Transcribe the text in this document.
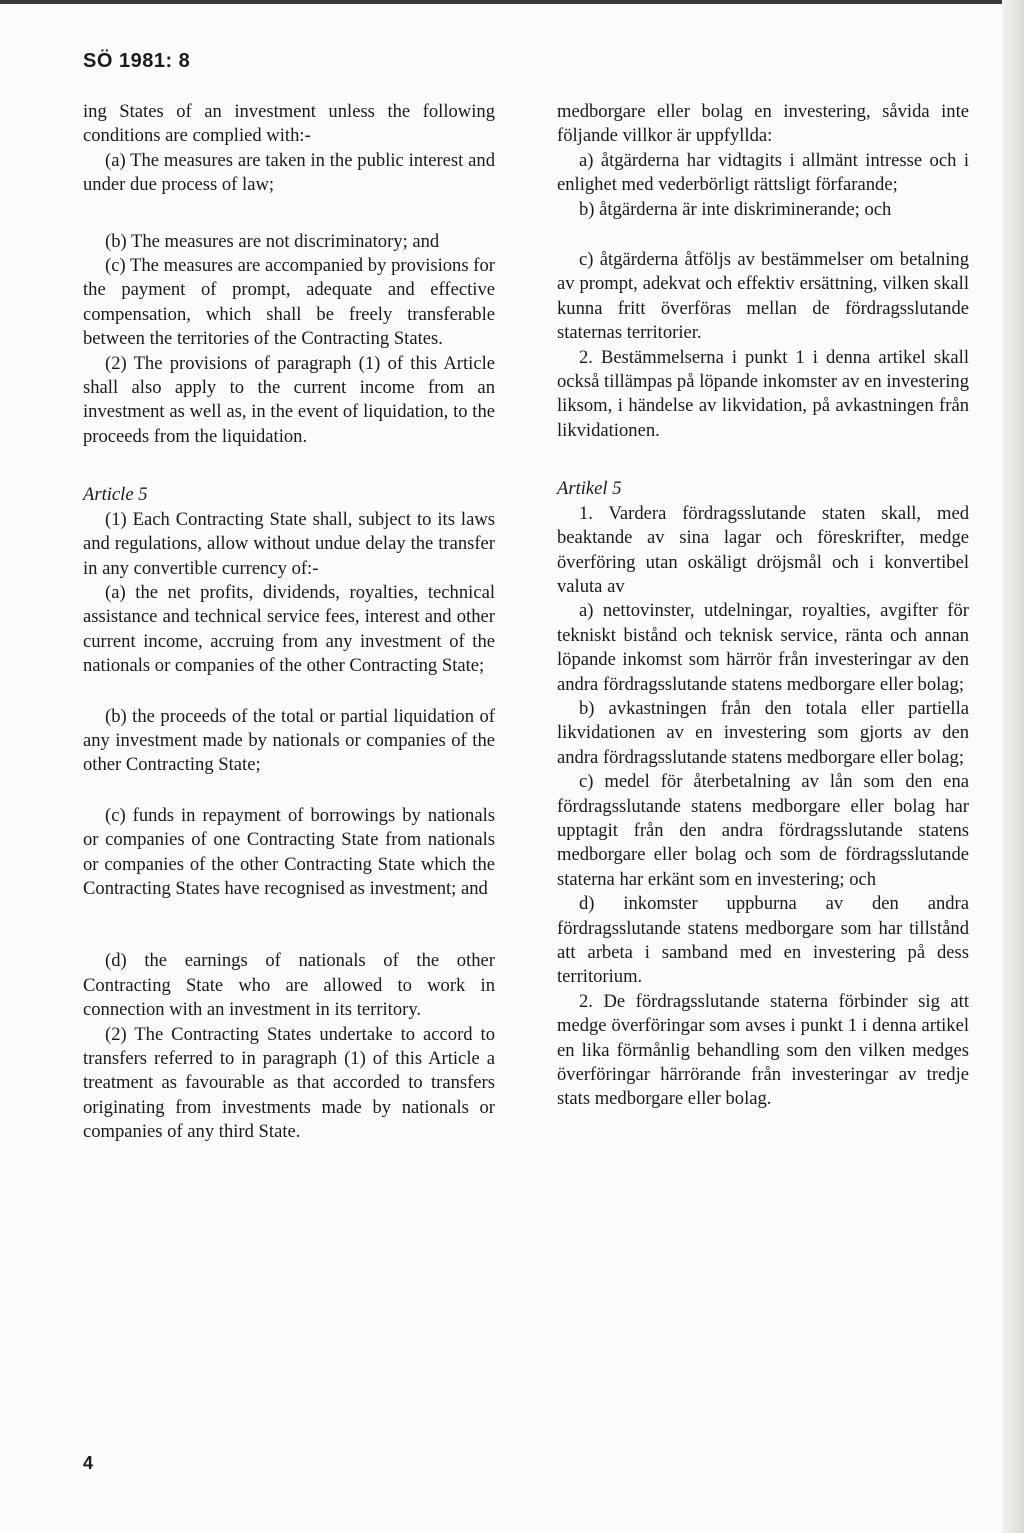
SÖ 1981: 8

ing States of an investment unless the following conditions are complied with:-

(a) The measures are taken in the public interest and under due process of law;

(b) The measures are not discriminatory; and

(c) The measures are accompanied by provisions for the payment of prompt, adequate and effective compensation, which shall be freely transferable between the territories of the Contracting States.

(2) The provisions of paragraph (1) of this Article shall also apply to the current income from an investment as well as, in the event of liquidation, to the proceeds from the liquidation.

Article 5

(1) Each Contracting State shall, subject to its laws and regulations, allow without undue delay the transfer in any convertible currency of:-

(a) the net profits, dividends, royalties, technical assistance and technical service fees, interest and other current income, accruing from any investment of the nationals or companies of the other Contracting State;

(b) the proceeds of the total or partial liquidation of any investment made by nationals or companies of the other Contracting State;

(c) funds in repayment of borrowings by nationals or companies of one Contracting State from nationals or companies of the other Contracting State which the Contracting States have recognised as investment; and

(d) the earnings of nationals of the other Contracting State who are allowed to work in connection with an investment in its territory.

(2) The Contracting States undertake to accord to transfers referred to in paragraph (1) of this Article a treatment as favourable as that accorded to transfers originating from investments made by nationals or companies of any third State.

medborgare eller bolag en investering, såvida inte följande villkor är uppfyllda:

a) åtgärderna har vidtagits i allmänt intresse och i enlighet med vederbörligt rättsligt förfarande;

b) åtgärderna är inte diskriminerande; och

c) åtgärderna åtföljs av bestämmelser om betalning av prompt, adekvat och effektiv ersättning, vilken skall kunna fritt överföras mellan de fördragsslutande staternas territorier.

2. Bestämmelserna i punkt 1 i denna artikel skall också tillämpas på löpande inkomster av en investering liksom, i händelse av likvidation, på avkastningen från likvidationen.

Artikel 5

1. Vardera fördragsslutande staten skall, med beaktande av sina lagar och föreskrifter, medge överföring utan oskäligt dröjsmål och i konvertibel valuta av

a) nettovinster, utdelningar, royalties, avgifter för tekniskt bistånd och teknisk service, ränta och annan löpande inkomst som härrör från investeringar av den andra fördragsslutande statens medborgare eller bolag;

b) avkastningen från den totala eller partiella likvidationen av en investering som gjorts av den andra fördragsslutande statens medborgare eller bolag;

c) medel för återbetalning av lån som den ena fördragsslutande statens medborgare eller bolag har upptagit från den andra fördragsslutande statens medborgare eller bolag och som de fördragsslutande staterna har erkänt som en investering; och

d) inkomster uppburna av den andra fördragsslutande statens medborgare som har tillstånd att arbeta i samband med en investering på dess territorium.

2. De fördragsslutande staterna förbinder sig att medge överföringar som avses i punkt 1 i denna artikel en lika förmånlig behandling som den vilken medges överföringar härrörande från investeringar av tredje stats medborgare eller bolag.

4
